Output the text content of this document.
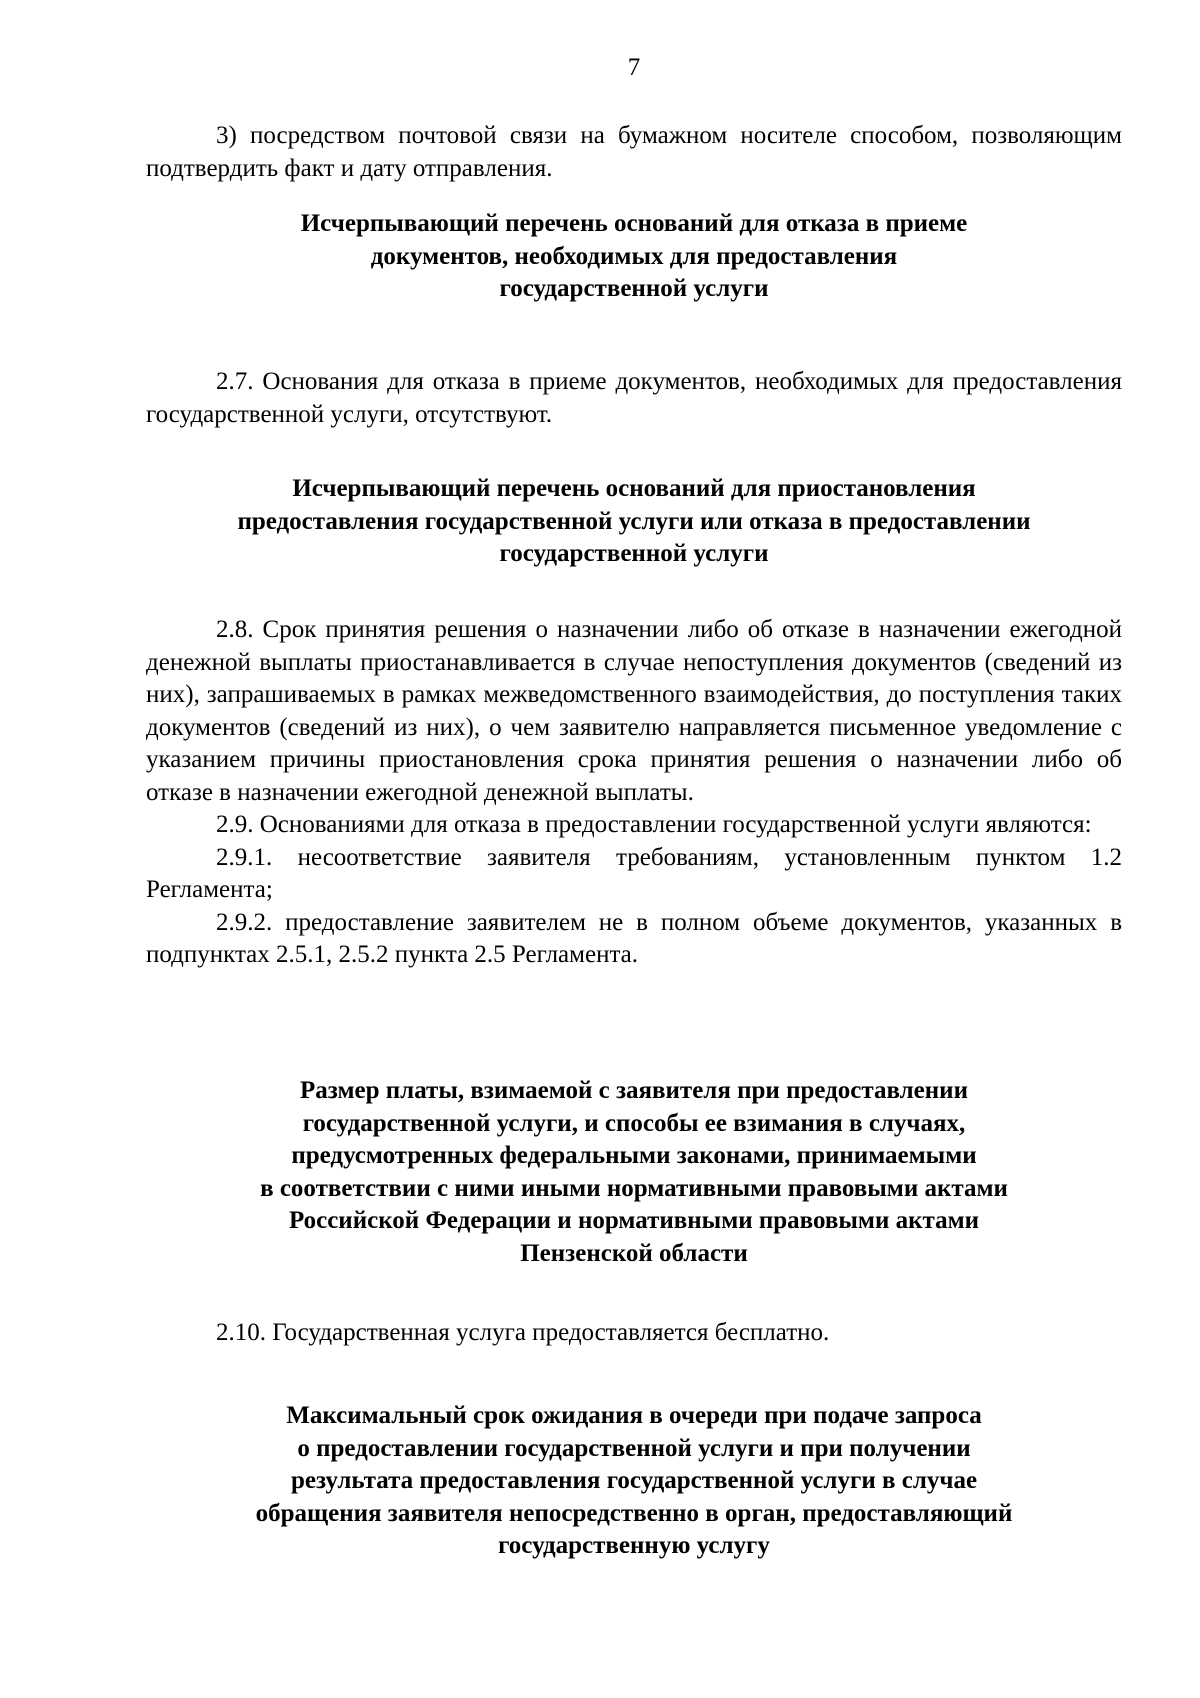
7

3) посредством почтовой связи на бумажном носителе способом, позволяющим подтвердить факт и дату отправления.

Исчерпывающий перечень оснований для отказа в приеме
документов, необходимых для предоставления
государственной услуги

2.7. Основания для отказа в приеме документов, необходимых для предоставления государственной услуги, отсутствуют.

Исчерпывающий перечень оснований для приостановления
предоставления государственной услуги или отказа в предоставлении
государственной услуги

2.8. Срок принятия решения о назначении либо об отказе в назначении ежегодной денежной выплаты приостанавливается в случае непоступления документов (сведений из них), запрашиваемых в рамках межведомственного взаимодействия, до поступления таких документов (сведений из них), о чем заявителю направляется письменное уведомление с указанием причины приостановления срока принятия решения о назначении либо об отказе в назначении ежегодной денежной выплаты.

2.9. Основаниями для отказа в предоставлении государственной услуги являются:

2.9.1. несоответствие заявителя требованиям, установленным пунктом 1.2 Регламента;

2.9.2. предоставление заявителем не в полном объеме документов, указанных в подпунктах 2.5.1, 2.5.2 пункта 2.5 Регламента.

Размер платы, взимаемой с заявителя при предоставлении
государственной услуги, и способы ее взимания в случаях,
предусмотренных федеральными законами, принимаемыми
в соответствии с ними иными нормативными правовыми актами
Российской Федерации и нормативными правовыми актами
Пензенской области

2.10. Государственная услуга предоставляется бесплатно.

Максимальный срок ожидания в очереди при подаче запроса
о предоставлении государственной услуги и при получении
результата предоставления государственной услуги в случае
обращения заявителя непосредственно в орган, предоставляющий
государственную услугу
